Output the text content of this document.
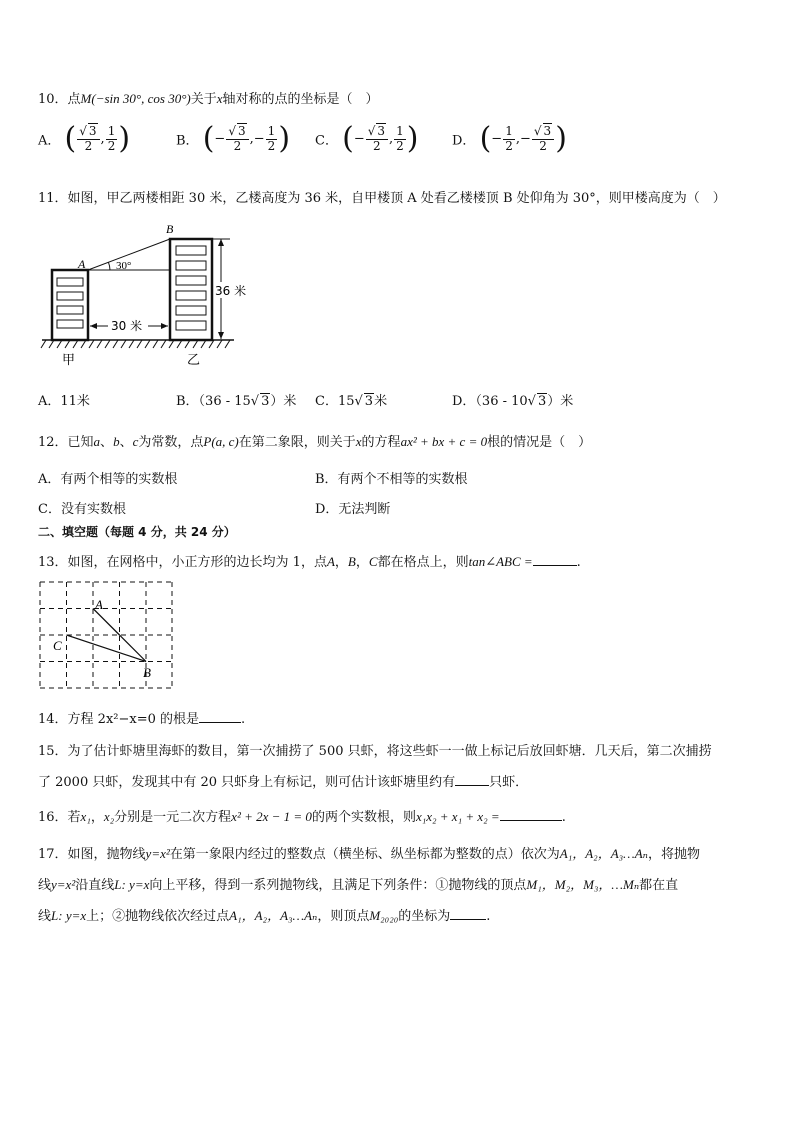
10．点M(−sin 30°, cos 30°)关于x轴对称的点的坐标是（　）
A． ( $\frac{√ 3}{2}$ , $\frac{1}{2}$ )	B． (− $\frac{√ 3}{2}$ ,− $\frac{1}{2}$ ) C． (− $\frac{√ 3}{2}$ , $\frac{1}{2}$ )	D． (− $\frac{1}{2}$ ,− $\frac{√ 3}{2}$ )
11．如图，甲乙两楼相距 30 米，乙楼高度为 36 米，自甲楼顶 A 处看乙楼楼顶 B 处仰角为 30°，则甲楼高度为（　）
A
B
30°
36 米
30 米
甲	乙
A．11米	B．（36 - 15√ 3）米 C．15√ 3米	D．（36 - 10√ 3）米
12．已知a、b、c为常数，点P(a, c)在第二象限，则关于x的方程ax² + bx + c = 0根的情况是（　）
A．有两个相等的实数根	B．有两个不相等的实数根
C．没有实数根	D．无法判断
二、填空题（每题 4 分，共 24 分）
13．如图，在网格中，小正方形的边长均为 1，点A，B，C都在格点上，则tan∠ABC =	.
A
B
C
14．方程 2x²−x=0 的根是	.
15．为了估计虾塘里海虾的数目，第一次捕捞了 500 只虾，将这些虾一一做上标记后放回虾塘．几天后，第二次捕捞
了 2000 只虾，发现其中有 20 只虾身上有标记，则可估计该虾塘里约有	只虾．
16．若x₁，x₂分别是一元二次方程x² + 2x − 1 = 0的两个实数根，则x₁x₂ + x₁ + x₂ =	.
17．如图，抛物线y=x²在第一象限内经过的整数点（横坐标、纵坐标都为整数的点）依次为A₁，A₂，A₃…Aₙ，将抛物
线y=x²沿直线L: y=x向上平移，得到一系列抛物线，且满足下列条件：①抛物线的顶点M₁，M₂，M₃，…Mₙ都在直
线L: y=x上；②抛物线依次经过点A₁，A₂，A₃…Aₙ，则顶点M₂₀₂₀的坐标为	.
